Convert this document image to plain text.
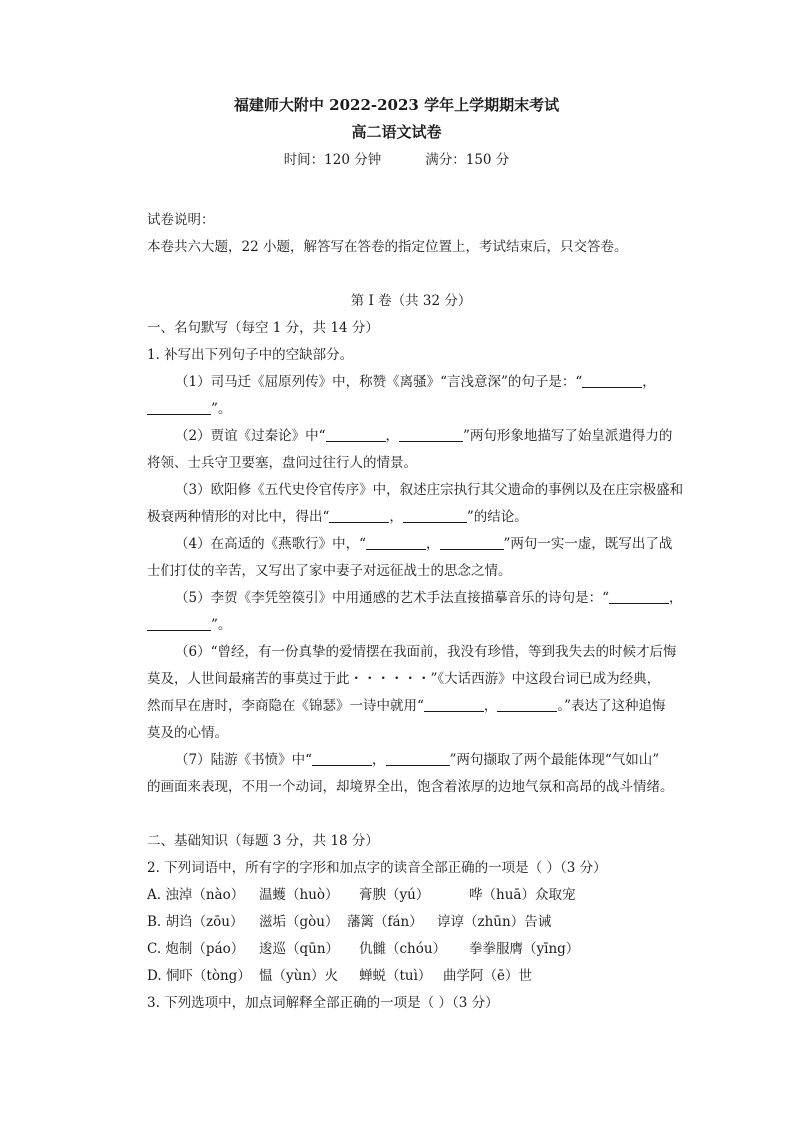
福建师大附中 2022-2023 学年上学期期末考试
高二语文试卷
时间：120 分钟	满分：150 分
试卷说明：
本卷共六大题，22 小题，解答写在答卷的指定位置上，考试结束后，只交答卷。
第 I 卷（共 32 分）
一、名句默写（每空 1 分，共 14 分）
1. 补写出下列句子中的空缺部分。
（1）司马迁《屈原列传》中，称赞《离骚》“言浅意深”的句子是：“	，
”。
（2）贾谊《过秦论》中“	，	”两句形象地描写了始皇派遣得力的
将领、士兵守卫要塞，盘问过往行人的情景。
（3）欧阳修《五代史伶官传序》中，叙述庄宗执行其父遗命的事例以及在庄宗极盛和
极衰两种情形的对比中，得出“	，	”的结论。
（4）在高适的《燕歌行》中，“	，	”两句一实一虚，既写出了战
士们打仗的辛苦，又写出了家中妻子对远征战士的思念之情。
（5）李贺《李凭箜篌引》中用通感的艺术手法直接描摹音乐的诗句是：“	，
”。
（6）“曾经，有一份真挚的爱情摆在我面前，我没有珍惜，等到我失去的时候才后悔
莫及，人世间最痛苦的事莫过于此・・・・・・”《大话西游》中这段台词已成为经典，
然而早在唐时，李商隐在《锦瑟》一诗中就用“	，	。”表达了这种追悔
莫及的心情。
（7）陆游《书愤》中“	，	”两句撷取了两个最能体现“气如山”
的画面来表现，不用一个动词，却境界全出，饱含着浓厚的边地气氛和高昂的战斗情绪。
二、基础知识（每题 3 分，共 18 分）
2. 下列词语中，所有字的字形和加点字的读音全部正确的一项是（ ）（3 分）
A. 浊淖（nào） 温蠖（huò） 膏腴（yú）	哗（huā）众取宠
B. 胡诌（zōu） 滋垢（gòu） 藩篱（fán） 谆谆（zhūn）告诫
C. 炮制（páo） 逡巡（qūn） 仇雠（chóu） 拳拳服膺（yīng）
D. 恫吓（tòng） 愠（yùn）火 蝉蜕（tuì） 曲学阿（ē）世
3. 下列选项中，加点词解释全部正确的一项是（ ）（3 分）
